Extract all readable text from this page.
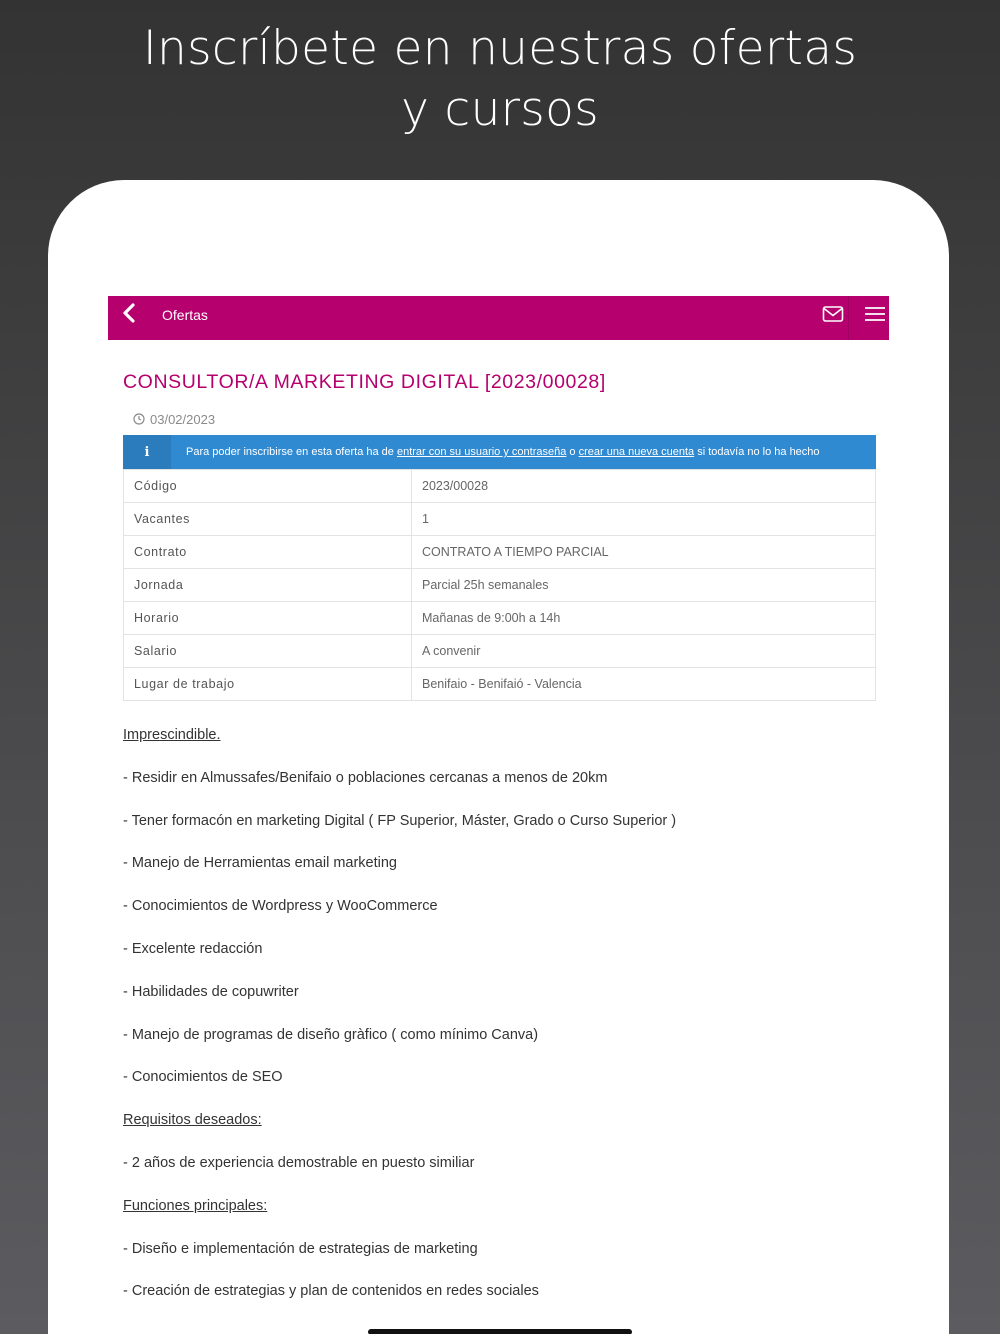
Inscríbete en nuestras ofertas
y cursos
Ofertas
CONSULTOR/A MARKETING DIGITAL [2023/00028]
03/02/2023
i	Para poder inscribirse en esta oferta ha de entrar con su usuario y contraseña o crear una nueva cuenta si todavía no lo ha hecho
Código	2023/00028
Vacantes	1
Contrato	CONTRATO A TIEMPO PARCIAL
Jornada	Parcial 25h semanales
Horario	Mañanas de 9:00h a 14h
Salario	A convenir
Lugar de trabajo	Benifaio - Benifaió - Valencia

Imprescindible.

- Residir en Almussafes/Benifaio o poblaciones cercanas a menos de 20km

- Tener formacón en marketing Digital ( FP Superior, Máster, Grado o Curso Superior )

- Manejo de Herramientas email marketing

- Conocimientos de Wordpress y WooCommerce

- Excelente redacción

- Habilidades de copuwriter

- Manejo de programas de diseño gràfico ( como mínimo Canva)

- Conocimientos de SEO

Requisitos deseados:

- 2 años de experiencia demostrable en puesto similiar

Funciones principales:

- Diseño e implementación de estrategias de marketing

- Creación de estrategias y plan de contenidos en redes sociales
